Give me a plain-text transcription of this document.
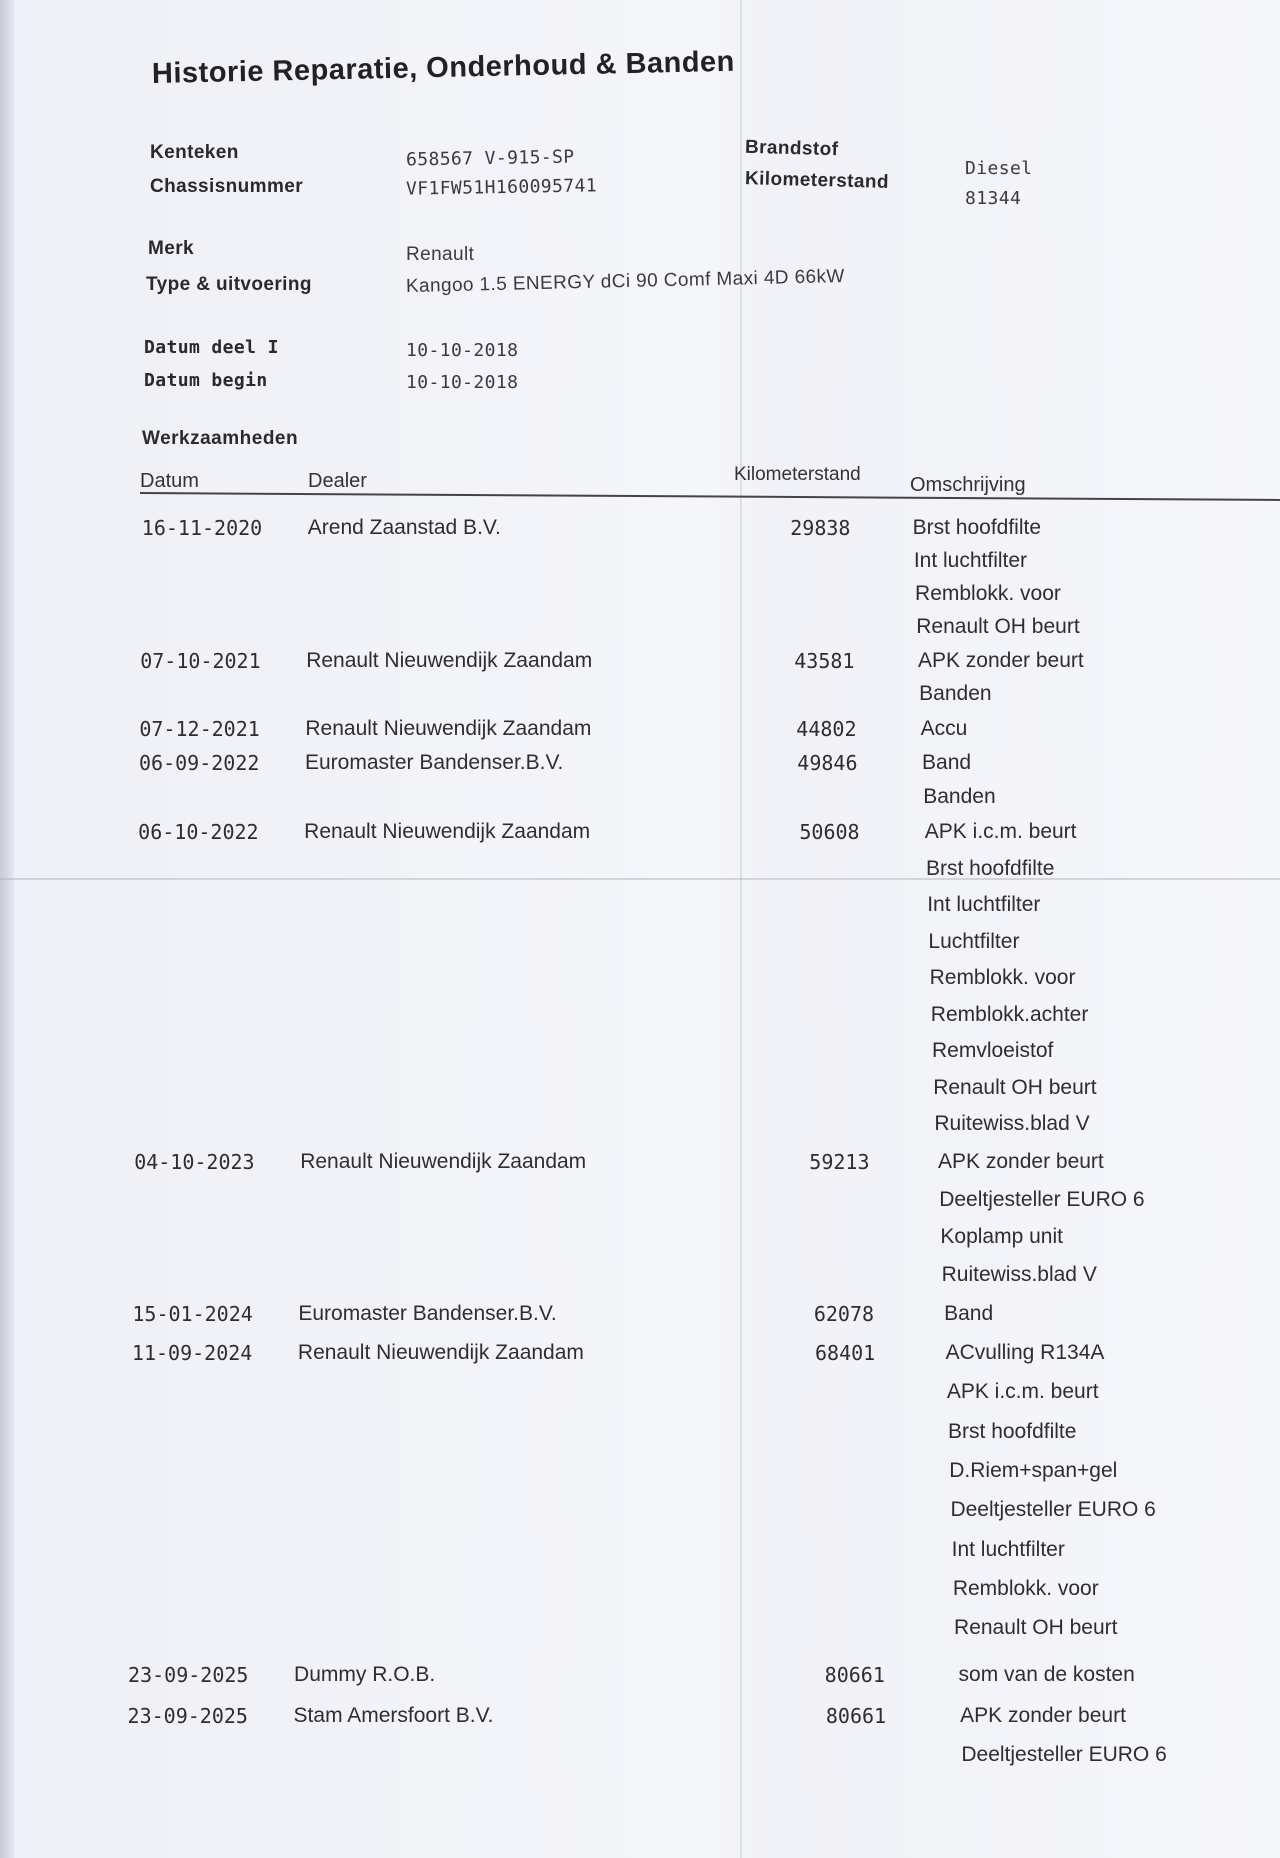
Historie Reparatie, Onderhoud & Banden
Kenteken	658567 V-915-SP
Chassisnummer	VF1FW51H160095741
Brandstof
Diesel
Kilometerstand
81344
Merk	Renault
Type & uitvoering	Kangoo 1.5 ENERGY dCi 90 Comf Maxi 4D 66kW
Datum deel I	10-10-2018
Datum begin	10-10-2018
Werkzaamheden
Datum	Dealer	Kilometerstand Omschrijving
16-11-2020 Arend Zaanstad B.V.	29838	Brst hoofdfilte
Int luchtfilter
Remblokk. voor
Renault OH beurt
07-10-2021 Renault Nieuwendijk Zaandam	43581	APK zonder beurt
Banden
07-12-2021 Renault Nieuwendijk Zaandam	44802	Accu
06-09-2022 Euromaster Bandenser.B.V.	49846	Band
Banden
06-10-2022 Renault Nieuwendijk Zaandam	50608	APK i.c.m. beurt
Brst hoofdfilte
Int luchtfilter
Luchtfilter
Remblokk. voor
Remblokk.achter
Remvloeistof
Renault OH beurt
Ruitewiss.blad V
04-10-2023 Renault Nieuwendijk Zaandam	59213	APK zonder beurt
Deeltjesteller EURO 6
Koplamp unit
Ruitewiss.blad V
15-01-2024 Euromaster Bandenser.B.V.	62078	Band
11-09-2024 Renault Nieuwendijk Zaandam	68401	ACvulling R134A
APK i.c.m. beurt
Brst hoofdfilte
D.Riem+span+gel
Deeltjesteller EURO 6
Int luchtfilter
Remblokk. voor
Renault OH beurt
23-09-2025 Dummy R.O.B.	80661	som van de kosten
23-09-2025 Stam Amersfoort B.V.	80661	APK zonder beurt
Deeltjesteller EURO 6
